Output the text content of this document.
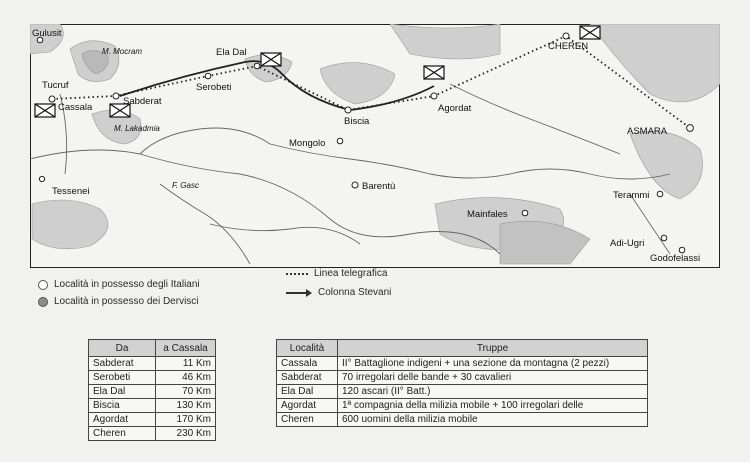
Gulusit
M. Mocram	Ela Dal
CHEREN
Tucruf
Sabderat
Cassala
Serobeti
Agordat
Biscia
M. Lakadmia
Mongolo
ASMARA
Tessenei
F. Gasc	Barentù
Mainfales
Terammi
Adi-Ugri
Godofelassi
Località in possesso degli Italiani
Località in possesso dei Dervisci
Linea telegrafica
Colonna Stevani
Da	a Cassala
Sabderat	11 Km
Serobeti	46 Km
Ela Dal	70 Km
Biscia	130 Km
Agordat	170 Km
Cheren	230 Km
Località	Truppe
Cassala	II° Battaglione indigeni + una sezione da montagna (2 pezzi)
Sabderat	70 irregolari delle bande + 30 cavalieri
Ela Dal	120 ascari (II° Batt.)
Agordat	1ª compagnia della milizia mobile + 100 irregolari delle
Cheren	600 uomini della milizia mobile
